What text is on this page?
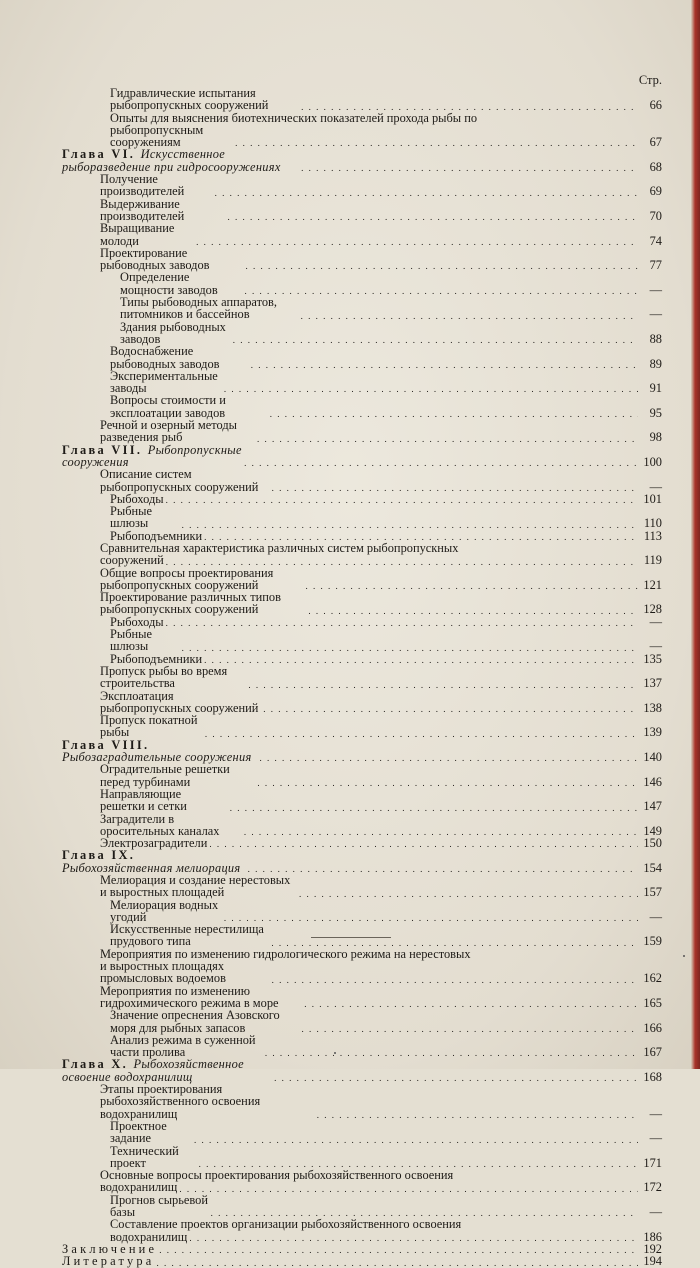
Стр.
Гидравлические испытания рыбопропускных сооружений . . .	66
Опыты для выяснения биотехнических показателей прохода рыбы по
рыбопропускным сооружениям . . .	67
Глава VI. Искусственное рыборазведение при гидросооружениях . . .	68
Получение производителей . . .	69
Выдерживание производителей . . .	70
Выращивание молоди . . .	74
Проектирование рыбоводных заводов . . .	77
Определение мощности заводов . . .	—
Типы рыбоводных аппаратов, питомников и бассейнов . . .	—
Здания рыбоводных заводов . . .	88
Водоснабжение рыбоводных заводов . . .	89
Экспериментальные заводы . . .	91
Вопросы стоимости и эксплоатации заводов . . .	95
Речной и озерный методы разведения рыб . . .	98
Глава VII. Рыбопропускные сооружения . . .	100
Описание систем рыбопропускных сооружений . . .	—
Рыбоходы . . .	101
Рыбные шлюзы . . .	110
Рыбоподъемники . . .	113
Сравнительная характеристика различных систем рыбопропускных
сооружений . . .	119
Общие вопросы проектирования рыбопропускных сооружений . . .	121
Проектирование различных типов рыбопропускных сооружений . . .	128
Рыбоходы . . .	—
Рыбные шлюзы . . .	—
Рыбоподъемники . . .	135
Пропуск рыбы во время строительства . . .	137
Эксплоатация рыбопропускных сооружений . . .	138
Пропуск покатной рыбы . . .	139
Глава VIII. Рыбозаградительные сооружения . . .	140
Оградительные решетки перед турбинами . . .	146
Направляющие решетки и сетки . . .	147
Заградители в оросительных каналах . . .	149
Электрозаградители . . .	150
Глава IX. Рыбохозяйственная мелиорация . . .	154
Мелиорация и создание нерестовых и выростных площадей . . .	157
Мелиорация водных угодий . . .	—
Искусственные нерестилища прудового типа . . .	159
Мероприятия по изменению гидрологического режима на нерестовых
и выростных площадях промысловых водоемов . . .	162
Мероприятия по изменению гидрохимического режима в море . . .	165
Значение опреснения Азовского моря для рыбных запасов . . .	166
Анализ режима в суженной части пролива . . .	167
Глава X. Рыбохозяйственное освоение водохранилищ . . .	168
Этапы проектирования рыбохозяйственного освоения водохранилищ . . .	—
Проектное задание . . .	—
Технический проект . . .	171
Основные вопросы проектирования рыбохозяйственного освоения
водохранилищ . . .	172
Прогнов сырьевой базы . . .	—
Составление проектов организации рыбохозяйственного освоения
водохранилищ . . .	186
Заключение . . .	192
Литература . . .	194
